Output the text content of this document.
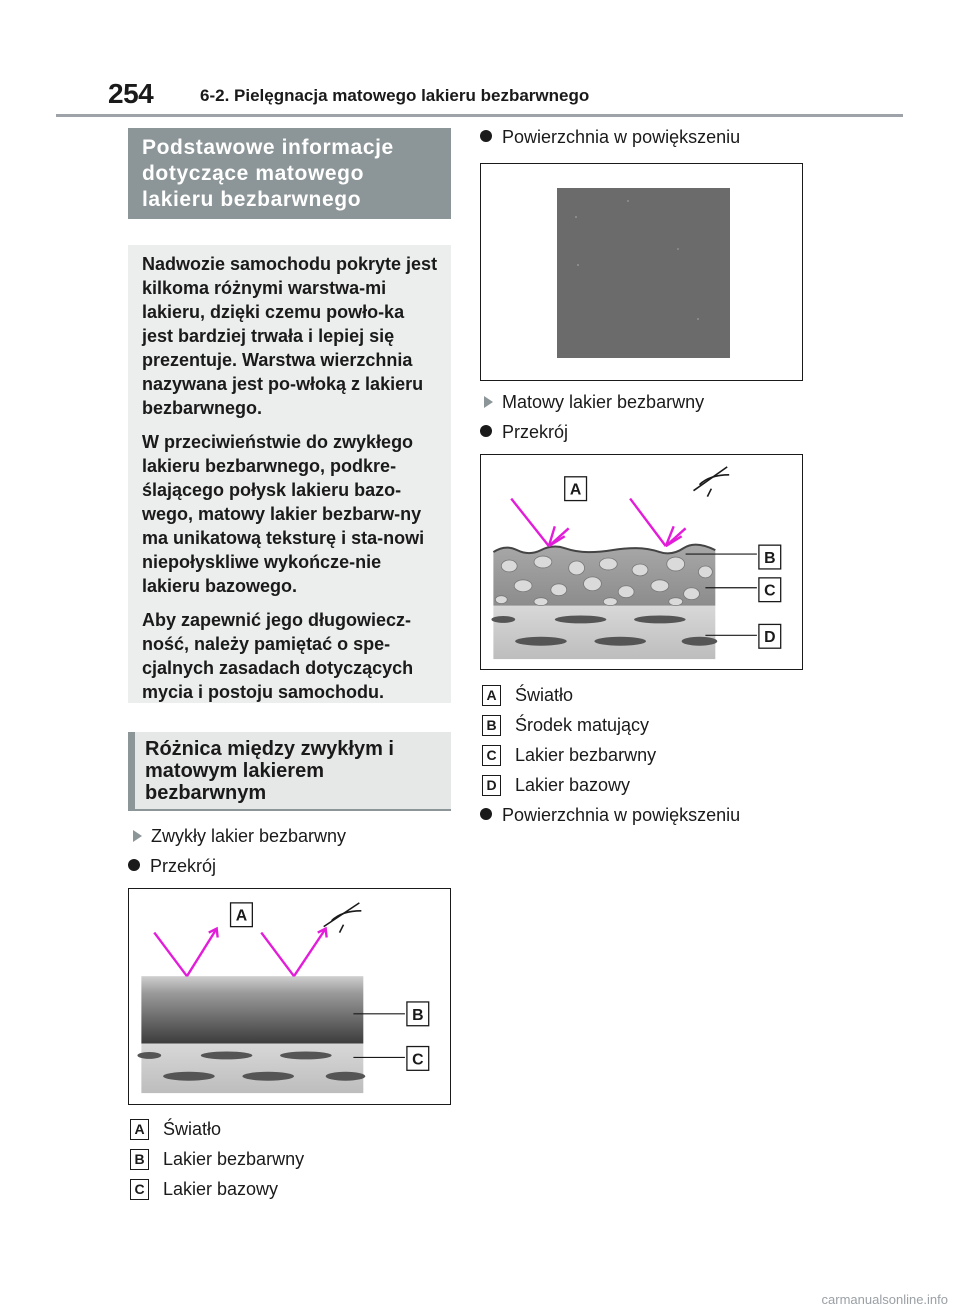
254	6-2. Pielęgnacja matowego lakieru bezbarwnego
Podstawowe informacje dotyczące matowego lakieru bezbarwnego

Nadwozie samochodu pokryte jest kilkoma różnymi warstwa-mi lakieru, dzięki czemu powło-ka jest bardziej trwała i lepiej się prezentuje. Warstwa wierzchnia nazywana jest po-włoką z lakieru bezbarwnego.

W przeciwieństwie do zwykłego lakieru bezbarwnego, podkre-ślającego połysk lakieru bazo-wego, matowy lakier bezbarw-ny ma unikatową teksturę i sta-nowi niepołyskliwe wykończe-nie lakieru bazowego.

Aby zapewnić jego długowiecz-ność, należy pamiętać o spe-cjalnych zasadach dotyczących mycia i postoju samochodu.

Różnica między zwykłym i matowym lakierem bezbarwnym
Zwykły lakier bezbarwny
Przekrój
A
B
C
A Światło
B Lakier bezbarwny
C Lakier bazowy
Powierzchnia w powiększeniu
Matowy lakier bezbarwny
Przekrój
A
B
C
D
A Światło
B Środek matujący
C Lakier bezbarwny
D Lakier bazowy
Powierzchnia w powiększeniu
carmanualsonline.info
